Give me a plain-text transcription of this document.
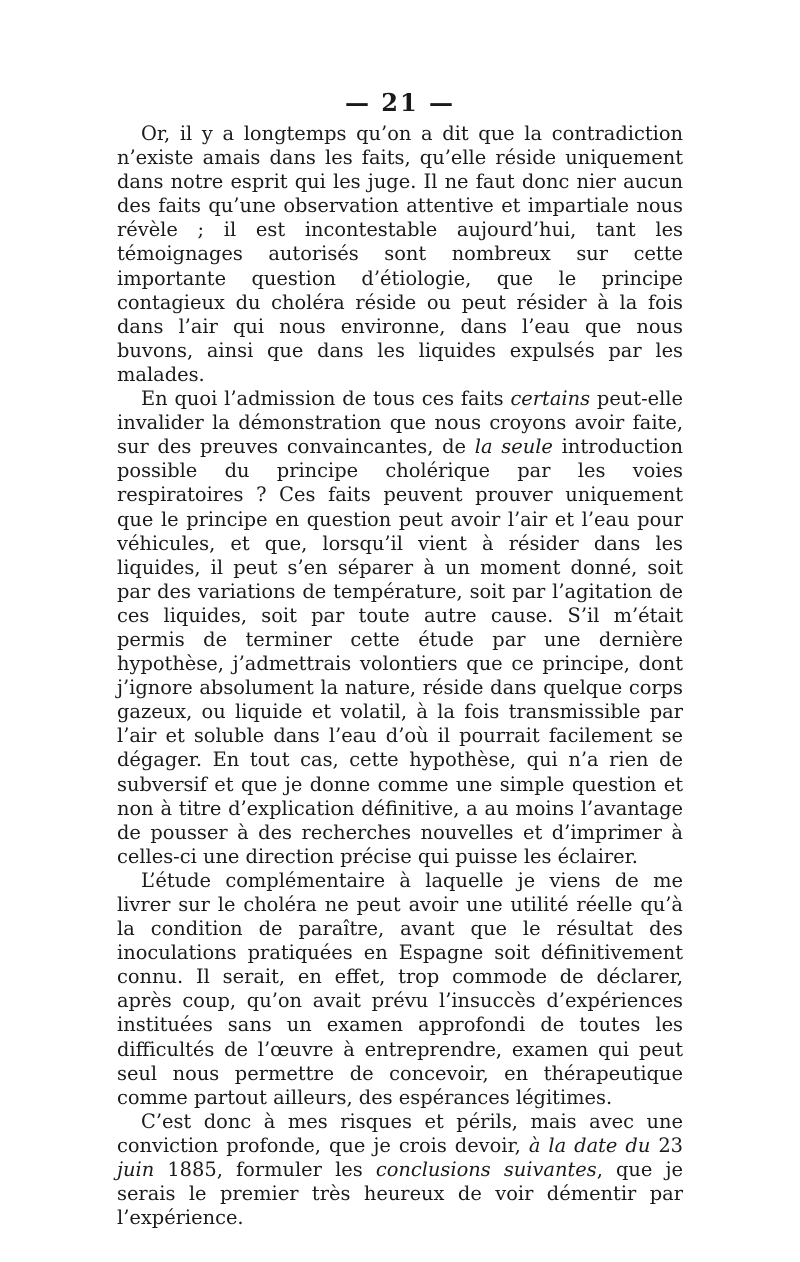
— 21 —

Or, il y a longtemps qu’on a dit que la contradiction n’existe amais dans les faits, qu’elle réside uniquement dans notre esprit qui les juge. Il ne faut donc nier aucun des faits qu’une observation attentive et impartiale nous révèle ; il est incontestable aujourd’hui, tant les témoignages autorisés sont nombreux sur cette importante question d’étiologie, que le principe contagieux du choléra réside ou peut résider à la fois dans l’air qui nous environne, dans l’eau que nous buvons, ainsi que dans les liquides expulsés par les malades.

En quoi l’admission de tous ces faits certains peut-elle invalider la démonstration que nous croyons avoir faite, sur des preuves convaincantes, de la seule introduction possible du principe cholérique par les voies respiratoires ? Ces faits peuvent prouver uniquement que le principe en question peut avoir l’air et l’eau pour véhicules, et que, lorsqu’il vient à résider dans les liquides, il peut s’en séparer à un moment donné, soit par des variations de température, soit par l’agitation de ces liquides, soit par toute autre cause. S’il m’était permis de terminer cette étude par une dernière hypothèse, j’admettrais volontiers que ce principe, dont j’ignore absolument la nature, réside dans quelque corps gazeux, ou liquide et volatil, à la fois transmissible par l’air et soluble dans l’eau d’où il pourrait facilement se dégager. En tout cas, cette hypothèse, qui n’a rien de subversif et que je donne comme une simple question et non à titre d’explication définitive, a au moins l’avantage de pousser à des recherches nouvelles et d’imprimer à celles-ci une direction précise qui puisse les éclairer.

L’étude complémentaire à laquelle je viens de me livrer sur le choléra ne peut avoir une utilité réelle qu’à la condition de paraître, avant que le résultat des inoculations pratiquées en Espagne soit définitivement connu. Il serait, en effet, trop commode de déclarer, après coup, qu’on avait prévu l’insuccès d’expériences instituées sans un examen approfondi de toutes les difficultés de l’œuvre à entreprendre, examen qui peut seul nous permettre de concevoir, en thérapeutique comme partout ailleurs, des espérances légitimes.

C’est donc à mes risques et périls, mais avec une conviction profonde, que je crois devoir, à la date du 23 juin 1885, formuler les conclusions suivantes, que je serais le premier très heureux de voir démentir par l’expérience.
